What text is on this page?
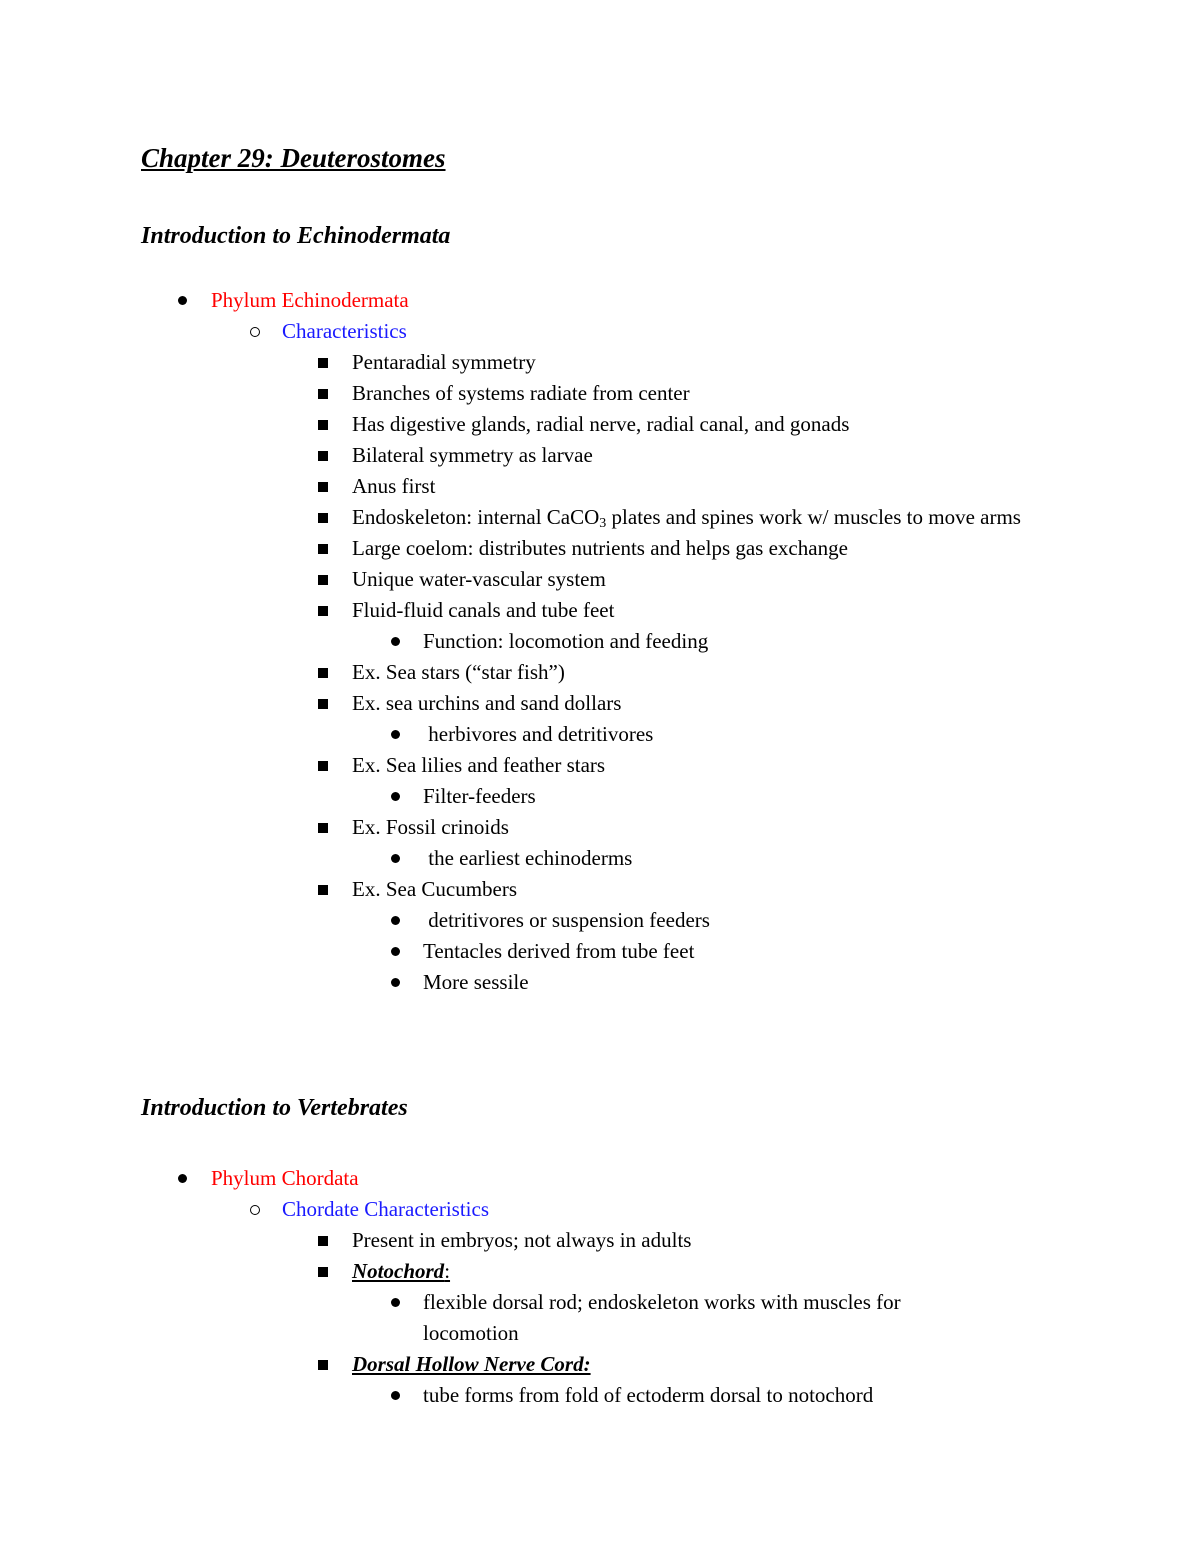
Chapter 29: Deuterostomes
Introduction to Echinodermata
Phylum Echinodermata
Characteristics
Pentaradial symmetry
Branches of systems radiate from center
Has digestive glands, radial nerve, radial canal, and gonads
Bilateral symmetry as larvae
Anus first
Endoskeleton: internal CaCO$_3$ plates and spines work w/ muscles to move arms
Large coelom: distributes nutrients and helps gas exchange
Unique water-vascular system
Fluid-fluid canals and tube feet
Function: locomotion and feeding
Ex. Sea stars (“star fish”)
Ex. sea urchins and sand dollars
herbivores and detritivores
Ex. Sea lilies and feather stars
Filter-feeders
Ex. Fossil crinoids
the earliest echinoderms
Ex. Sea Cucumbers
detritivores or suspension feeders
Tentacles derived from tube feet
More sessile
Introduction to Vertebrates
Phylum Chordata
Chordate Characteristics
Present in embryos; not always in adults
Notochord:
flexible dorsal rod; endoskeleton works with muscles for locomotion
Dorsal Hollow Nerve Cord:
tube forms from fold of ectoderm dorsal to notochord
